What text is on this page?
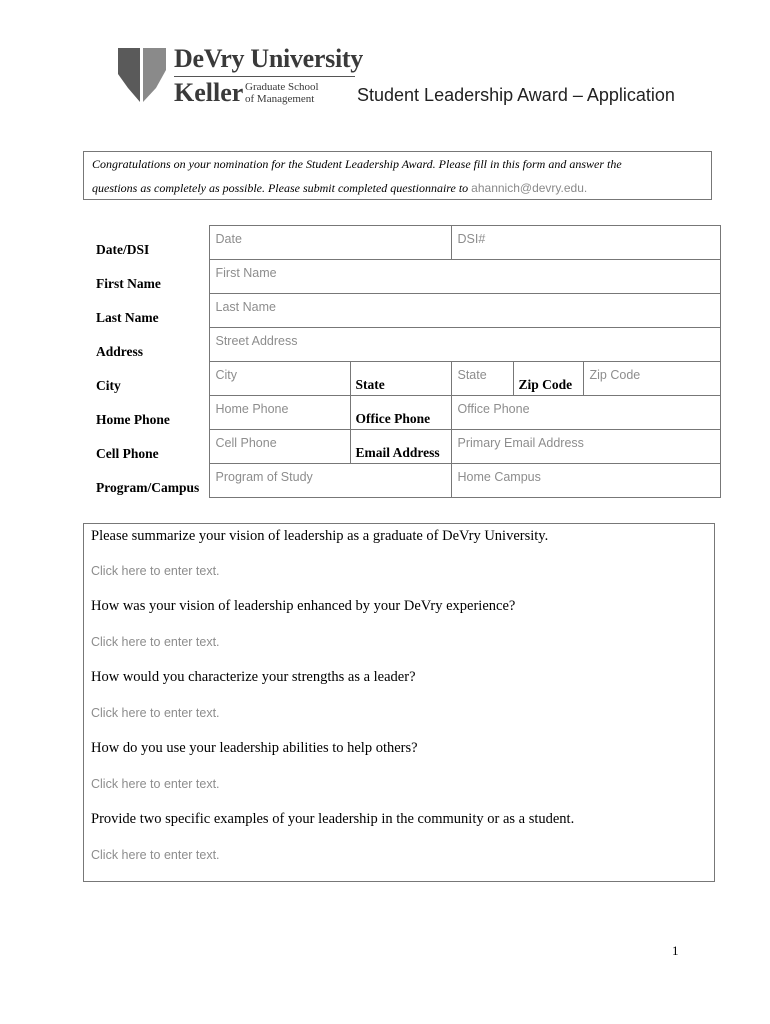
DeVry University
Keller Graduate School
of Management Student Leadership Award – Application
Congratulations on your nomination for the Student Leadership Award. Please fill in this form and answer the
questions as completely as possible. Please submit completed questionnaire to ahannich@devry.edu.
Date/DSI	Date		DSI#		

First Name	First Name				

Last Name	Last Name				

Address	Street Address				

City	City	State	State	Zip Code	Zip Code

Home Phone	Home Phone	Office Phone	Office Phone		

Cell Phone	Cell Phone	Email Address	Primary Email Address		

Program/Campus	Program of Study		Home Campus		
Please summarize your vision of leadership as a graduate of DeVry University.
Click here to enter text.
How was your vision of leadership enhanced by your DeVry experience?
Click here to enter text.
How would you characterize your strengths as a leader?
Click here to enter text.
How do you use your leadership abilities to help others?
Click here to enter text.
Provide two specific examples of your leadership in the community or as a student.
Click here to enter text.
1
